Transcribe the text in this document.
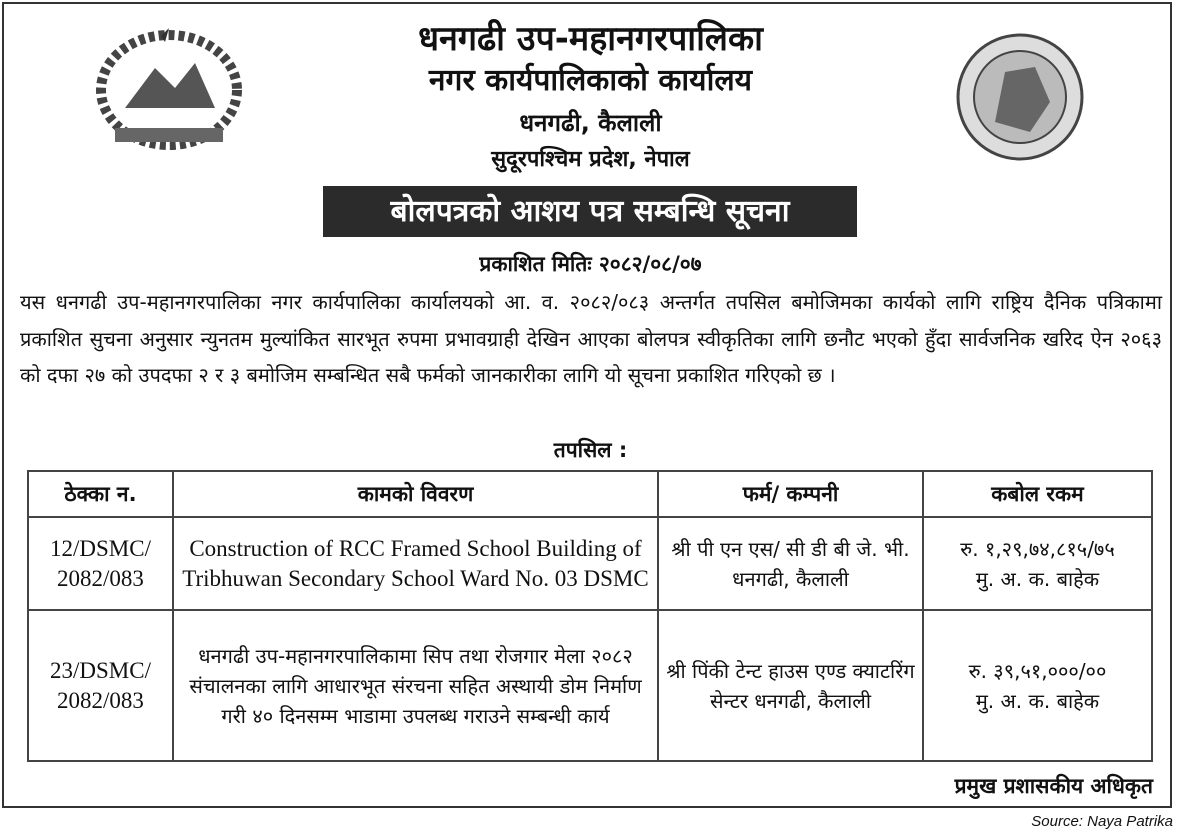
धनगढी उप-महानगरपालिका
नगर कार्यपालिकाको कार्यालय
धनगढी, कैलाली
सुदूरपश्चिम प्रदेश, नेपाल
बोलपत्रको आशय पत्र सम्बन्धि सूचना
प्रकाशित मितिः २०८२/०८/०७
यस धनगढी उप-महानगरपालिका नगर कार्यपालिका कार्यालयको आ. व. २०८२/०८३ अन्तर्गत तपसिल बमोजिमका कार्यको लागि राष्ट्रिय दैनिक पत्रिकामा प्रकाशित सुचना अनुसार न्युनतम मुल्यांकित सारभूत रुपमा प्रभावग्राही देखिन आएका बोलपत्र स्वीकृतिका लागि छनौट भएको हुँदा सार्वजनिक खरिद ऐन २०६३ को दफा २७ को उपदफा २ र ३ बमोजिम सम्बन्धित सबै फर्मको जानकारीका लागि यो सूचना प्रकाशित गरिएको छ ।
तपसिल :
ठेक्का न.	कामको विवरण	फर्म/ कम्पनी	कबोल रकम
12/DSMC/ 2082/083	Construction of RCC Framed School Building of Tribhuwan Secondary School Ward No. 03 DSMC	श्री पी एन एस/ सी डी बी जे. भी. धनगढी, कैलाली	रु. १,२९,७४,८१५/७५
मु. अ. क. बाहेक

23/DSMC/ 2082/083	धनगढी उप-महानगरपालिकामा सिप तथा रोजगार मेला २०८२ संचालनका लागि आधारभूत संरचना सहित अस्थायी डोम निर्माण गरी ४० दिनसम्म भाडामा उपलब्ध गराउने सम्बन्धी कार्य	श्री पिंकी टेन्ट हाउस एण्ड क्याटरिंग सेन्टर धनगढी, कैलाली	रु. ३९,५१,०००/००
मु. अ. क. बाहेक
प्रमुख प्रशासकीय अधिकृत
Source: Naya Patrika
